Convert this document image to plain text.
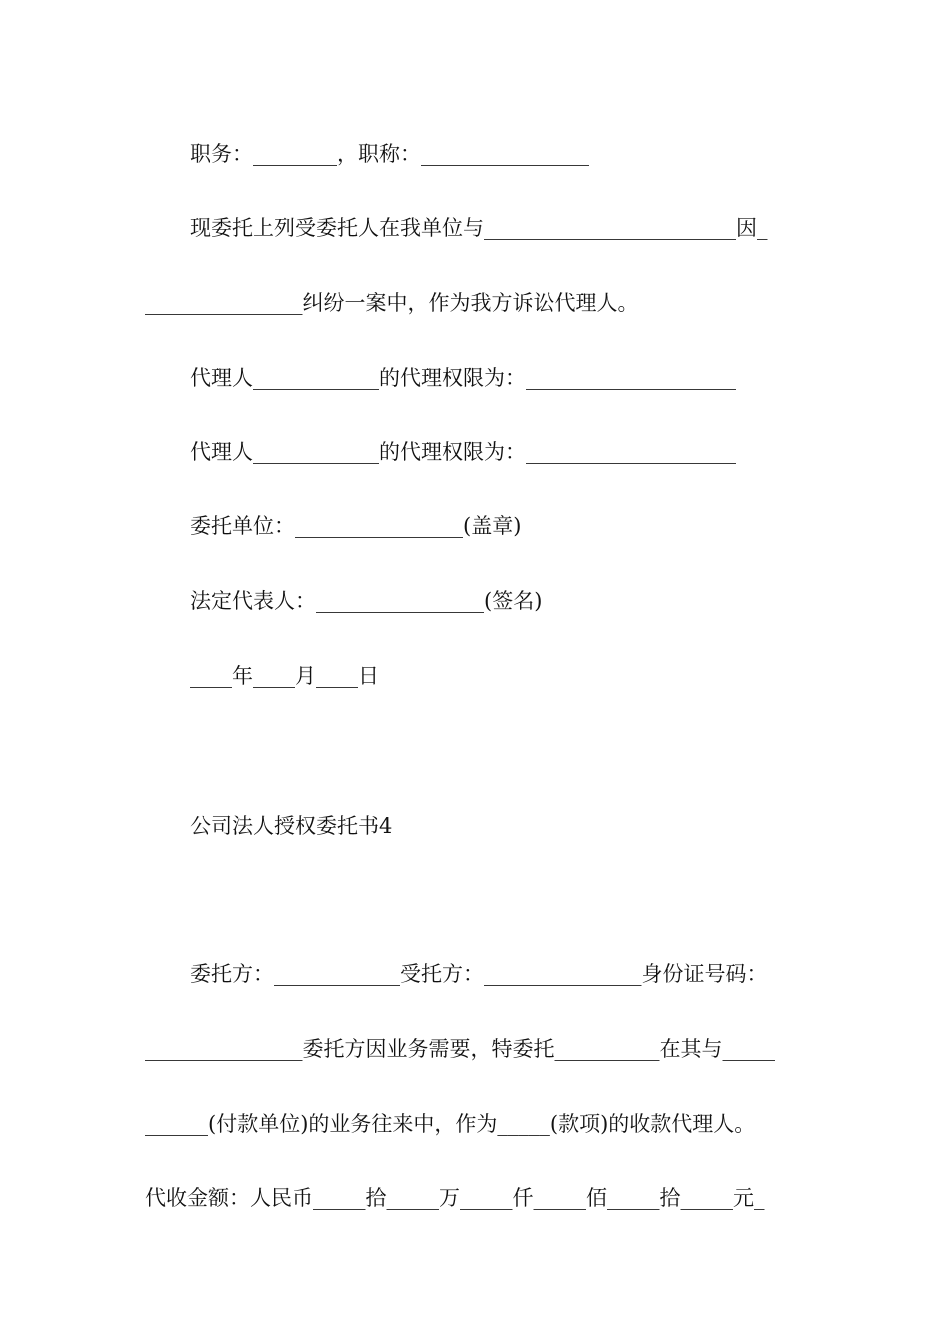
职务：________，职称：________________
现委托上列受委托人在我单位与________________________因_
_______________纠纷一案中，作为我方诉讼代理人。
代理人____________的代理权限为：____________________
代理人____________的代理权限为：____________________
委托单位：________________(盖章)
法定代表人：________________(签名)
____年____月____日
公司法人授权委托书4
委托方：____________受托方：_______________身份证号码：
_______________委托方因业务需要，特委托__________在其与_____
______(付款单位)的业务往来中，作为_____(款项)的收款代理人。
代收金额：人民币_____拾_____万_____仟_____佰_____拾_____元_
